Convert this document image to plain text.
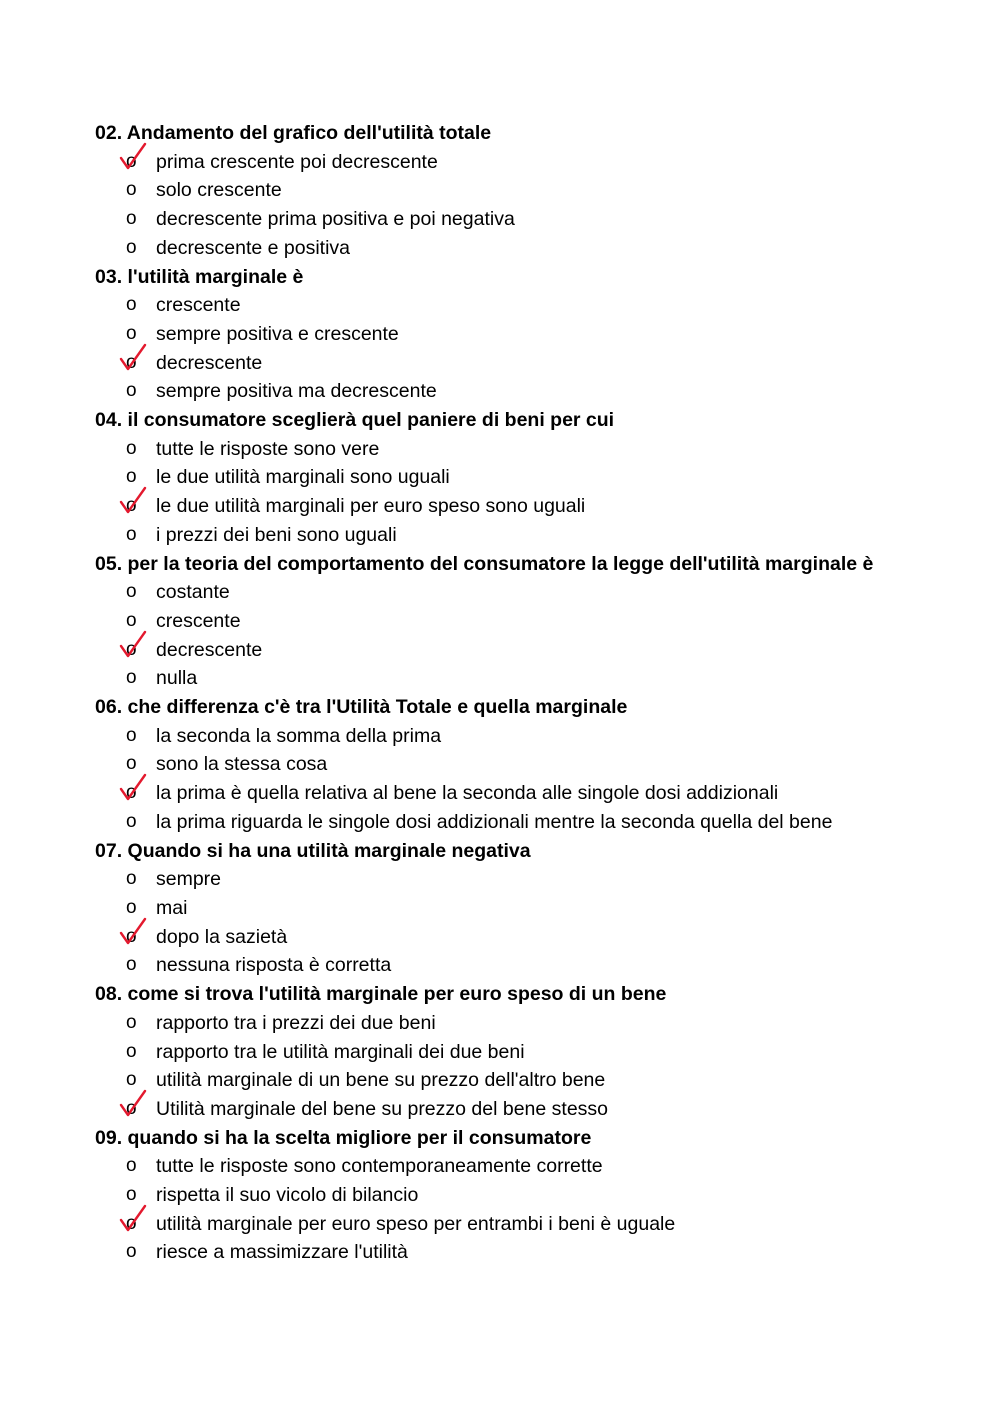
02. Andamento del grafico dell'utilità totale

o prima crescente poi decrescente
o solo crescente
o decrescente prima positiva e poi negativa
o decrescente e positiva

03. l'utilità marginale è

o crescente
o sempre positiva e crescente
o decrescente
o sempre positiva ma decrescente

04. il consumatore sceglierà quel paniere di beni per cui

o tutte le risposte sono vere
o le due utilità marginali sono uguali
o le due utilità marginali per euro speso sono uguali
o i prezzi dei beni sono uguali

05. per la teoria del comportamento del consumatore la legge dell'utilità marginale è

o costante
o crescente
o decrescente
o nulla

06. che differenza c'è tra l'Utilità Totale e quella marginale

o la seconda la somma della prima
o sono la stessa cosa
o la prima è quella relativa al bene la seconda alle singole dosi addizionali
o la prima riguarda le singole dosi addizionali mentre la seconda quella del bene

07. Quando si ha una utilità marginale negativa

o sempre
o mai
o dopo la sazietà
o nessuna risposta è corretta

08. come si trova l'utilità marginale per euro speso di un bene

o rapporto tra i prezzi dei due beni
o rapporto tra le utilità marginali dei due beni
o utilità marginale di un bene su prezzo dell'altro bene
o Utilità marginale del bene su prezzo del bene stesso

09. quando si ha la scelta migliore per il consumatore

o tutte le risposte sono contemporaneamente corrette
o rispetta il suo vicolo di bilancio
o utilità marginale per euro speso per entrambi i beni è uguale
o riesce a massimizzare l'utilità
